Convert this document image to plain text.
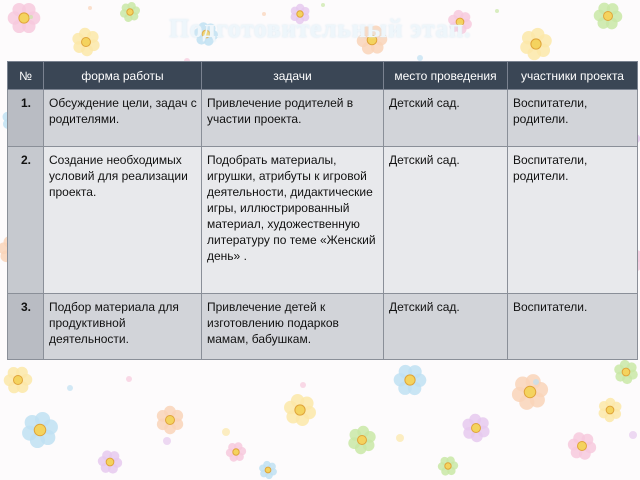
Подготовительный этап.
№	форма работы	задачи	место проведения	участники проекта
1.	Обсуждение цели, задач с родителями.	Привлечение родителей в участии проекта.	Детский сад.	Воспитатели, родители.
2.	Создание необходимых условий для реализации проекта.	Подобрать материалы, игрушки, атрибуты к игровой деятельности, дидактические игры, иллюстрированный материал, художественную литературу по теме «Женский день» .	Детский сад.	Воспитатели, родители.
3.	Подбор материала для продуктивной деятельности.	Привлечение детей к изготовлению подарков мамам, бабушкам.	Детский сад.	Воспитатели.
